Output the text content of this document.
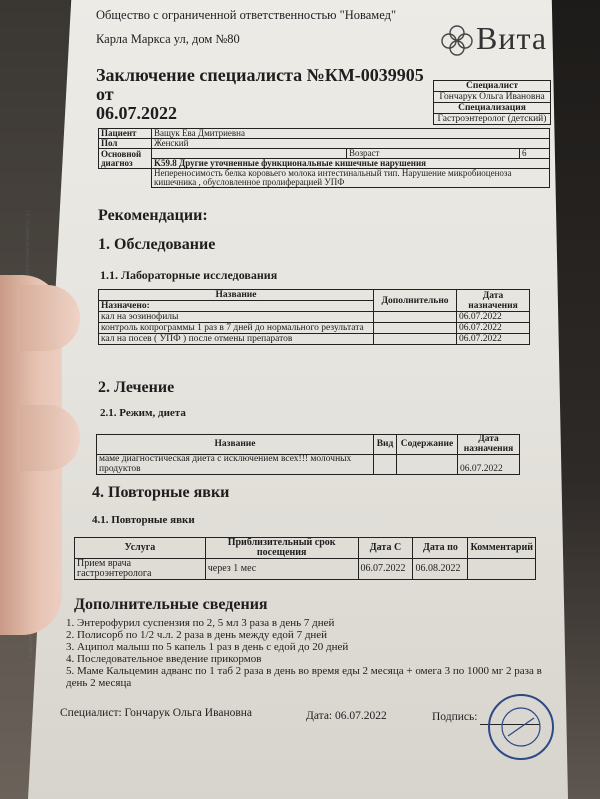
Общество с ограниченной ответственностью "Новамед"
Карла Маркса ул, дом №80	Вита
Заключение специалиста №КМ-0039905 от
06.07.2022
Специалист
Гончарук Ольга Ивановна
Специализация
Гастроэнтеролог (детский)
Пациент	Ващук Ева Дмитриевна		
Пол	Женский		
Основной диагноз		Возраст	6
	K59.8 Другие уточненные функциональные кишечные нарушения		
	Непереносимость белка коровьего молока интестинальный тип. Нарушение микробиоценоза кишечника , обусловленное пролиферацией УПФ		
Рекомендации:
1. Обследование
1.1. Лабораторные исследования
Название	Дополнительно	Дата назначения
Назначено:		
кал на эозинофилы		06.07.2022
контроль копрограммы 1 раз в 7 дней до нормального результата		06.07.2022
кал на посев ( УПФ ) после отмены препаратов		06.07.2022
2. Лечение
2.1. Режим, диета
Название	Вид	Содержание	Дата назначения
маме диагностическая диета с исключением всех!!! молочных продуктов			06.07.2022
4. Повторные явки
4.1. Повторные явки
Услуга	Приблизительный срок посещения	Дата С	Дата по	Комментарий
Прием врача гастроэнтеролога	через 1 мес	06.07.2022	06.08.2022	
Дополнительные сведения
1. Энтерофурил суспензия по 2, 5 мл 3 раза в день 7 дней
2. Полисорб по 1/2 ч.л. 2 раза в день между едой 7 дней
3. Аципол малыш по 5 капель 1 раз в день с едой до 20 дней
4. Последовательное введение прикормов
5. Маме Кальцемин адванс по 1 таб 2 раза в день во время еды 2 месяца + омега 3 по 1000 мг 2 раза в день 2 месяца
Специалист: Гончарук Ольга Ивановна	Дата: 06.07.2022	Подпись:
